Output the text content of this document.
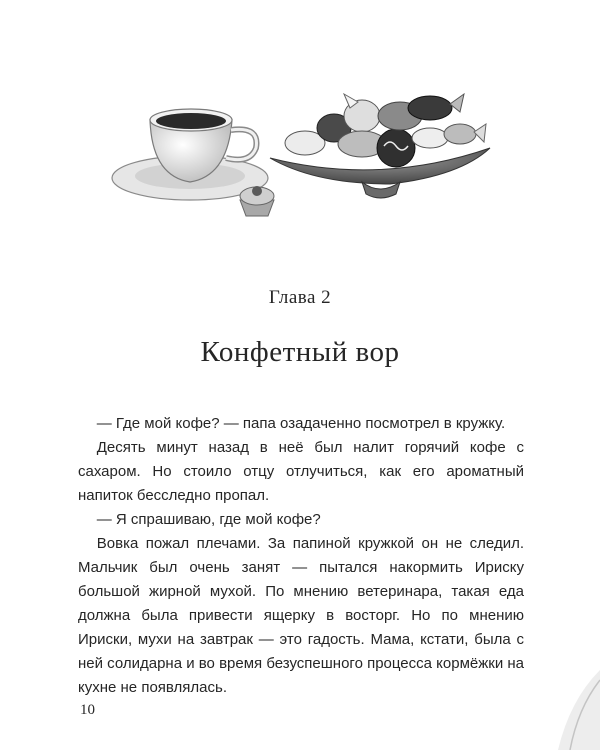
Глава 2
Конфетный вор

— Где мой кофе? — папа озадаченно посмотрел в кружку.

Десять минут назад в неё был налит горячий кофе с сахаром. Но стоило отцу отлучиться, как его ароматный напиток бесследно пропал.

— Я спрашиваю, где мой кофе?

Вовка пожал плечами. За папиной кружкой он не следил. Мальчик был очень занят — пытался накормить Ириску большой жирной мухой. По мнению ветеринара, такая еда должна была привести ящерку в восторг. Но по мнению Ириски, мухи на завтрак — это гадость. Мама, кстати, была с ней солидарна и во время безуспешного процесса кормёжки на кухне не появлялась.

10
